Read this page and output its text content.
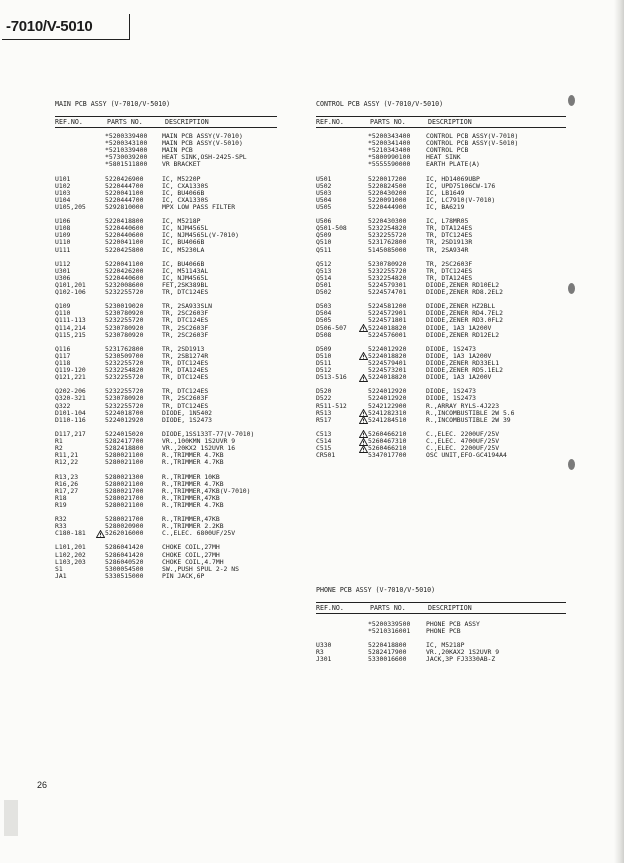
-7010/V-5010
MAIN PCB ASSY (V-7010/V-5010)
REF.NO.	PARTS NO.	DESCRIPTION
*5200339400 MAIN PCB ASSY(V-7010)
*5200343100 MAIN PCB ASSY(V-5010)
*5210339400 MAIN PCB
*5730039200 HEAT SINK,OSH-2425-SPL
*5801511800 VR BRACKET
U101	5220426900	IC, M5220P
U102	5220444700	IC, CXA1330S
U103	5220041100	IC, BU4066B
U104	5220444700	IC, CXA1330S
U105,205	5292810000	MPX LOW PASS FILTER
U106	5220418800	IC, M5218P
U108	5220440600	IC, NJM4565L
U109	5220440600	IC, NJM4565L(V-7010)
U110	5220041100	IC, BU4066B
U111	5220425800	IC, M5230LA
U112	5220041100	IC, BU4066B
U301	5220426200	IC, M51143AL
U306	5220440600	IC, NJM4565L
Q101,201	5232008600	FET,2SK389BL
Q102-106	5232255720	TR, DTC124ES
Q109	5230019020	TR, 2SA933SLN
Q110	5230780920	TR, 2SC2603F
Q111-113	5232255720	TR, DTC124ES
Q114,214	5230780920	TR, 2SC2603F
Q115,215	5230780920	TR, 2SC2603F
Q116	5231762800	TR, 2SD1913
Q117	5230509700	TR, 2SB1274R
Q118	5232255720	TR, DTC124ES
Q119-120	5232254820	TR, DTA124ES
Q121,221	5232255720	TR, DTC124ES
Q202-206	5232255720	TR, DTC124ES
Q320-321	5230780920	TR, 2SC2603F
Q322	5232255720	TR, DTC124ES
D101-104	5224018700	DIODE, 1N5402
D110-116	5224012920	DIODE, 1S2473
D117,217	5224015020	DIODE,1SS133T-77(V-7010)
R1	5282417700	VR.,100KMN 1S2UVR 9
R2	5282418800	VR.,20KX2 1S2UVR 16
R11,21	5280021100	R.,TRIMMER 4.7KB
R12,22	5280021100	R.,TRIMMER 4.7KB
R13,23	5280021300	R.,TRIMMER 10KB
R16,26	5280021100	R.,TRIMMER 4.7KB
R17,27	5280021700	R.,TRIMMER,47KB(V-7010)
R18	5280021700	R.,TRIMMER,47KB
R19	5280021100	R.,TRIMMER 4.7KB
R32	5280021700	R.,TRIMMER,47KB
R33	5280020900	R.,TRIMMER 2.2KB
C180-181	5262016000	C.,ELEC. 6800UF/25V
L101,201	5286041420	CHOKE COIL,27MH
L102,202	5286041420	CHOKE COIL,27MH
L103,203	5286040520	CHOKE COIL,4.7MH
S1	5300054500	SW.,PUSH SPUL 2-2 NS
JA1	5330515000	PIN JACK,6P
CONTROL PCB ASSY (V-7010/V-5010)
REF.NO.	PARTS NO.	DESCRIPTION
*5200343400 CONTROL PCB ASSY(V-7010)
*5200341400 CONTROL PCB ASSY(V-5010)
*5210343400 CONTROL PCB
*5800990100 HEAT SINK
*5555590000 EARTH PLATE(A)
U501	5220017200	IC, HD14069UBP
U502	5220824500	IC, UPD75106CW-176
U503	5220430200	IC, LB1649
U504	5220091000	IC, LC7910(V-7010)
U505	5220444900	IC, BA6219
U506	5220430300	IC, L78MR05
Q501-508	5232254820	TR, DTA124ES
Q509	5232255720	TR, DTC124ES
Q510	5231762800	TR, 2SD1913R
Q511	5145085000	TR, 2SA934R
Q512	5230780920	TR, 2SC2603F
Q513	5232255720	TR, DTC124ES
Q514	5232254820	TR, DTA124ES
D501	5224579301	DIODE,ZENER RD10EL2
D502	5224574701	DIODE,ZENER RD8.2EL2
D503	5224581200	DIODE,ZENER HZ2BLL
D504	5224572901	DIODE,ZENER RD4.7EL2
D505	5224571801	DIODE,ZENER RD3.0FL2
D506-507	5224018820	DIODE, 1A3 1A200V
D508	5224576001	DIODE,ZENER RD12EL2
D509	5224012920	DIODE, 1S2473
D510	5224018820	DIODE, 1A3 1A200V
D511	5224579401	DIODE,ZENER RD33EL1
D512	5224573201	DIODE,ZENER RD5.1EL2
D513-516	5224018820	DIODE, 1A3 1A200V
D520	5224012920	DIODE, 1S2473
D522	5224012920	DIODE, 1S2473
R511-512	5242122900	R.,ARRAY RYLS-4J223
R513	5241282310	R.,INCOMBUSTIBLE 2W 5.6
R517	5241284510	R.,INCOMBUSTIBLE 2W 39
C513	5260466210	C.,ELEC. 2200UF/25V
C514	5260467310	C.,ELEC. 4700UF/25V
C515	5260466210	C.,ELEC. 2200UF/25V
CR501	5347017700	OSC UNIT,EFO-GC4194A4
PHONE PCB ASSY (V-7010/V-5010)
REF.NO.	PARTS NO.	DESCRIPTION
*5200339500 PHONE PCB ASSY
*5210316001 PHONE PCB
U330	5220418800	IC, M5218P
R3	5282417900	VR.,20KAX2 1S2UVR 9
J301	5330016600	JACK,3P FJ3330AB-Z
26
